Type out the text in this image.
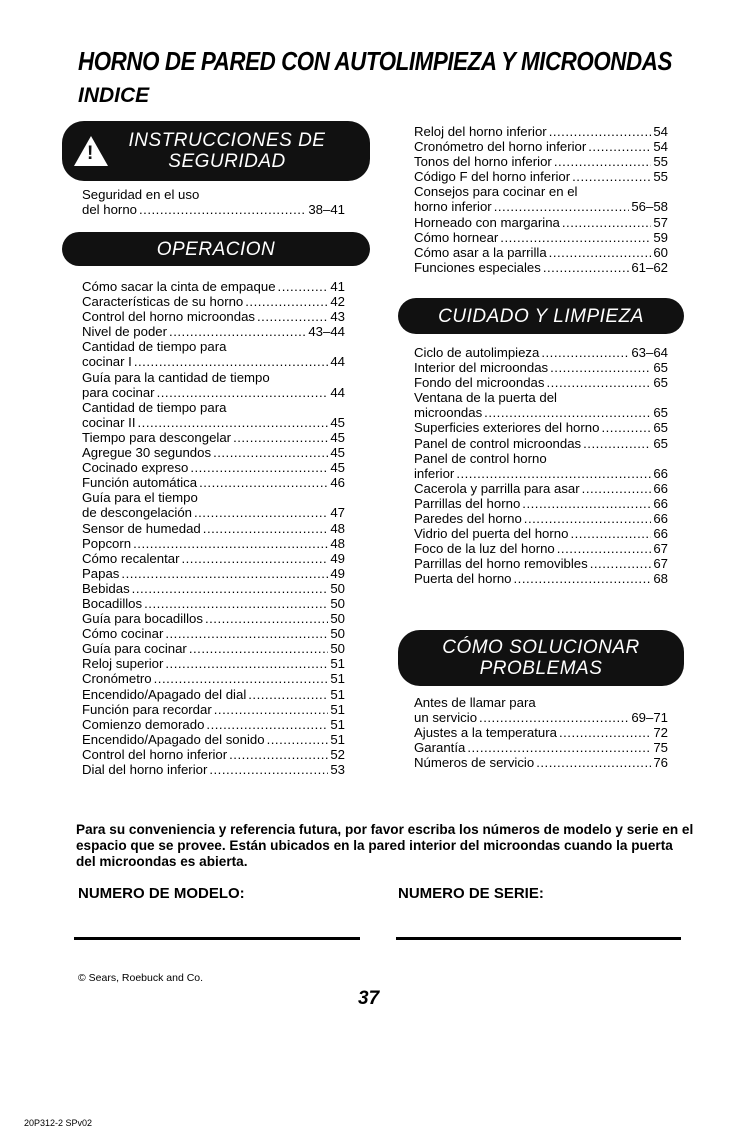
HORNO DE PARED CON AUTOLIMPIEZA Y MICROONDAS
INDICE
!
INSTRUCCIONES DE
SEGURIDAD
Seguridad en el uso
del horno .....	38–41
OPERACION
Cómo sacar la cinta de empaque .....	41
Características de su horno .....	42
Control del horno microondas .....	43
Nivel de poder .....	43–44
Cantidad de tiempo para
cocinar I .....	44
Guía para la cantidad de tiempo
para cocinar .....	44
Cantidad de tiempo para
cocinar II .....	45
Tiempo para descongelar .....	45
Agregue 30 segundos .....	45
Cocinado expreso .....	45
Función automática .....	46
Guía para el tiempo
de descongelación .....	47
Sensor de humedad .....	48
Popcorn .....	48
Cómo recalentar .....	49
Papas .....	49
Bebidas .....	50
Bocadillos .....	50
Guía para bocadillos .....	50
Cómo cocinar .....	50
Guía para cocinar .....	50
Reloj superior .....	51
Cronómetro .....	51
Encendido/Apagado del dial .....	51
Función para recordar .....	51
Comienzo demorado .....	51
Encendido/Apagado del sonido .....	51
Control del horno inferior .....	52
Dial del horno inferior .....	53
Reloj del horno inferior .....	54
Cronómetro del horno inferior .....	54
Tonos del horno inferior .....	55
Código F del horno inferior .....	55
Consejos para cocinar en el
horno inferior .....	56–58
Horneado con margarina .....	57
Cómo hornear .....	59
Cómo asar a la parrilla .....	60
Funciones especiales .....	61–62
CUIDADO Y LIMPIEZA
Ciclo de autolimpieza .....	63–64
Interior del microondas .....	65
Fondo del microondas .....	65
Ventana de la puerta del
microondas .....	65
Superficies exteriores del horno .....	65
Panel de control microondas .....	65
Panel de control horno
inferior .....	66
Cacerola y parrilla para asar .....	66
Parrillas del horno .....	66
Paredes del horno .....	66
Vidrio del puerta del horno .....	66
Foco de la luz del horno .....	67
Parrillas del horno removibles .....	67
Puerta del horno .....	68
CÓMO SOLUCIONAR
PROBLEMAS
Antes de llamar para
un servicio .....	69–71
Ajustes a la temperatura .....	72
Garantía .....	75
Números de servicio .....	76
Para su conveniencia y referencia futura, por favor escriba los números de modelo y serie en el espacio que se provee. Están ubicados en la pared interior del microondas cuando la puerta del microondas es abierta.
NUMERO DE MODELO:	NUMERO DE SERIE:
© Sears, Roebuck and Co.
37
20P312-2 SPv02
